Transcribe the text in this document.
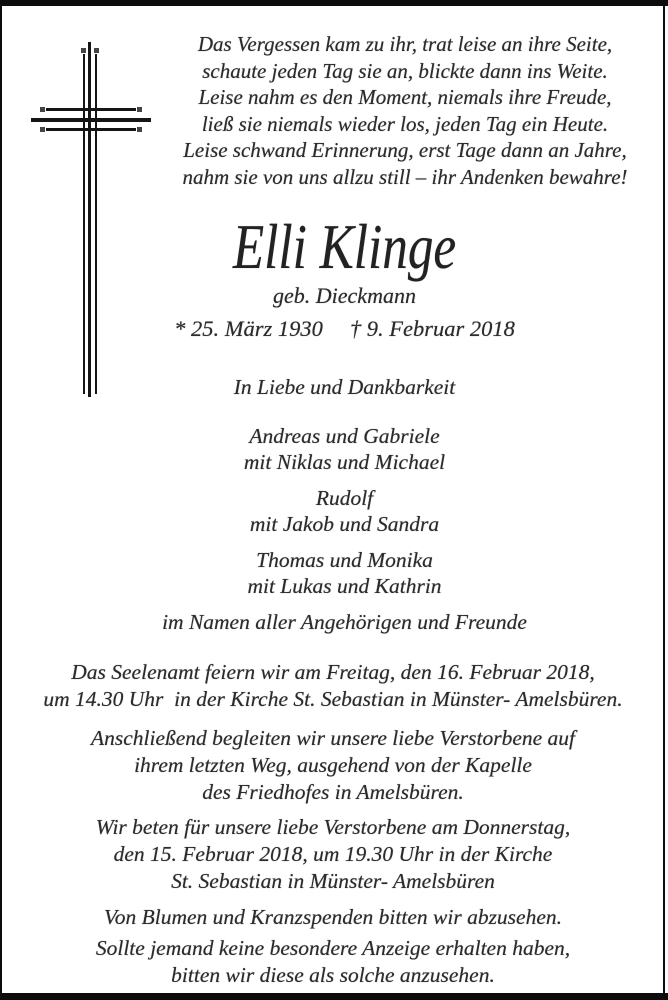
Das Vergessen kam zu ihr, trat leise an ihre Seite,
schaute jeden Tag sie an, blickte dann ins Weite.
Leise nahm es den Moment, niemals ihre Freude,
ließ sie niemals wieder los, jeden Tag ein Heute.
Leise schwand Erinnerung, erst Tage dann an Jahre,
nahm sie von uns allzu still – ihr Andenken bewahre!
Elli Klinge
geb. Dieckmann
* 25. März 1930 † 9. Februar 2018
In Liebe und Dankbarkeit
Andreas und Gabriele
mit Niklas und Michael
Rudolf
mit Jakob und Sandra
Thomas und Monika
mit Lukas und Kathrin
im Namen aller Angehörigen und Freunde
Das Seelenamt feiern wir am Freitag, den 16. Februar 2018,
um 14.30 Uhr  in der Kirche St. Sebastian in Münster- Amelsbüren.
Anschließend begleiten wir unsere liebe Verstorbene auf
ihrem letzten Weg, ausgehend von der Kapelle
des Friedhofes in Amelsbüren.
Wir beten für unsere liebe Verstorbene am Donnerstag,
den 15. Februar 2018, um 19.30 Uhr in der Kirche
St. Sebastian in Münster- Amelsbüren
Von Blumen und Kranzspenden bitten wir abzusehen.
Sollte jemand keine besondere Anzeige erhalten haben,
bitten wir diese als solche anzusehen.
